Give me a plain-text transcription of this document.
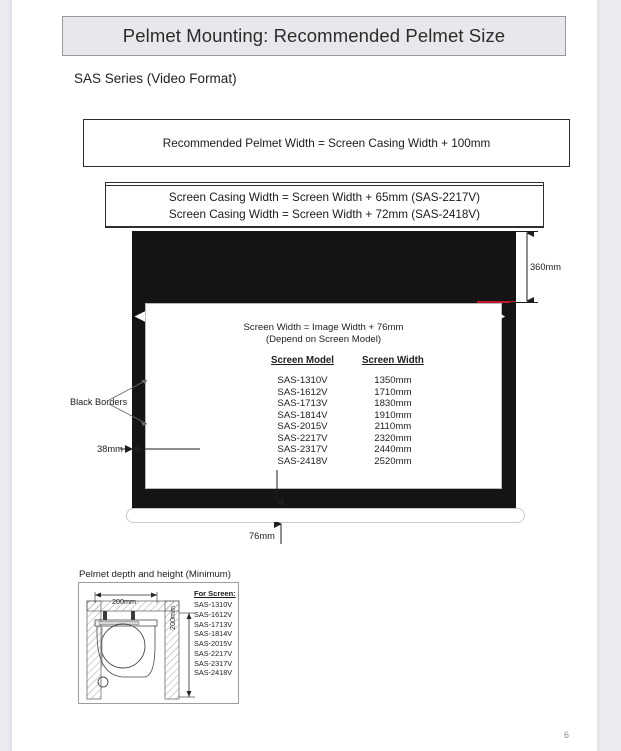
Pelmet Mounting: Recommended Pelmet Size
SAS Series (Video Format)
Recommended Pelmet Width = Screen Casing Width + 100mm
Screen Casing Width = Screen Width + 65mm (SAS-2217V)
Screen Casing Width = Screen Width + 72mm (SAS-2418V)
Screen Width = Image Width + 76mm
(Depend on Screen Model)
Screen Model	Screen Width
SAS-1310V	1350mm
SAS-1612V	1710mm
SAS-1713V	1830mm
SAS-1814V	1910mm
SAS-2015V	2110mm
SAS-2217V	2320mm
SAS-2317V	2440mm
SAS-2418V	2520mm
360mm
38mm
Black Borders
76mm
Pelmet depth and height (Minimum)
200mm
200mm
For Screen:
SAS-1310V
SAS-1612V
SAS-1713V
SAS-1814V
SAS-2015V
SAS-2217V
SAS-2317V
SAS-2418V
6
